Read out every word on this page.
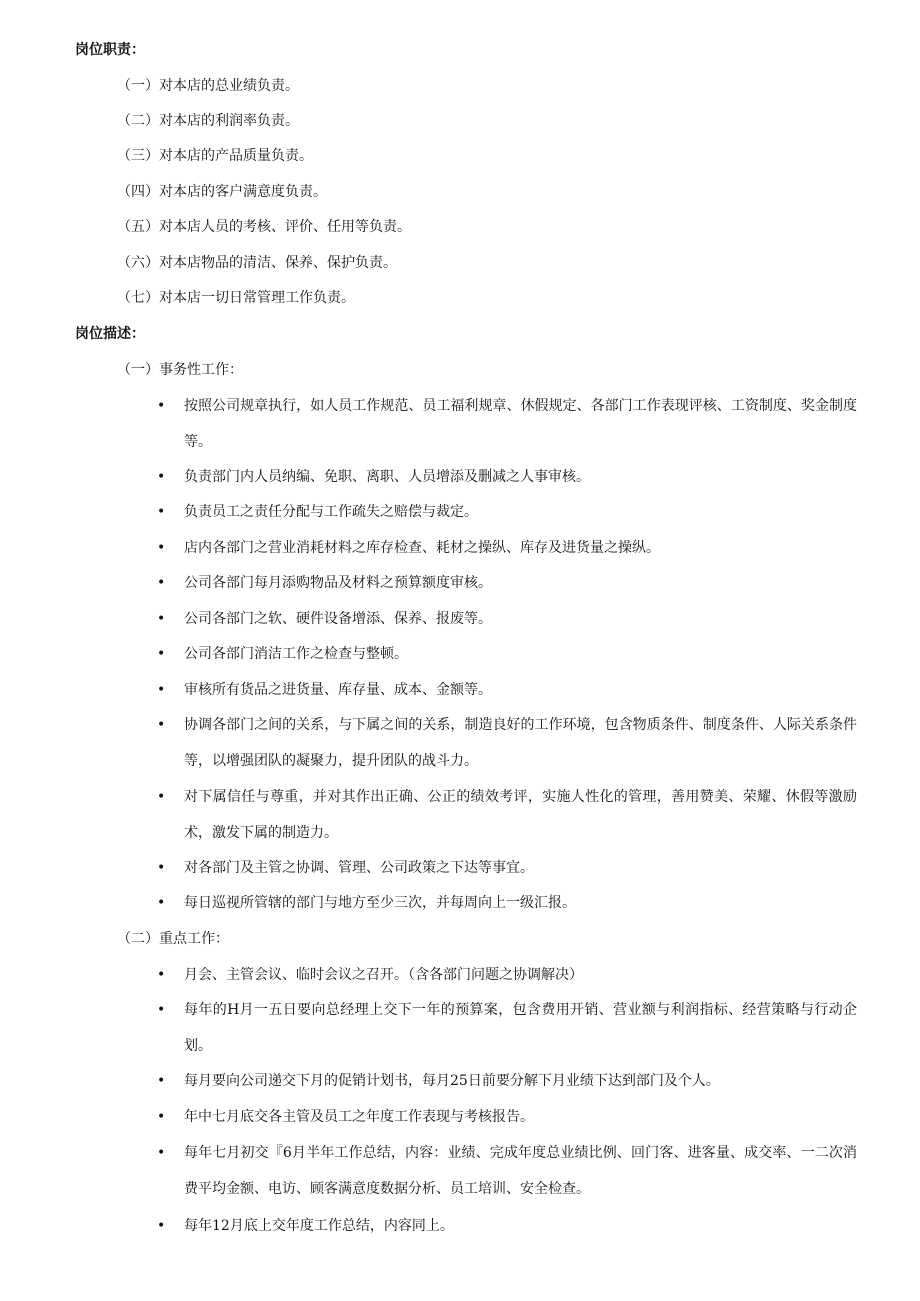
岗位职责：
（一）对本店的总业绩负责。
（二）对本店的利润率负责。
（三）对本店的产品质量负责。
（四）对本店的客户满意度负责。
（五）对本店人员的考核、评价、任用等负责。
（六）对本店物品的清洁、保养、保护负责。
（七）对本店一切日常管理工作负责。
岗位描述：
（一）事务性工作：
•	按照公司规章执行，如人员工作规范、员工福利规章、休假规定、各部门工作表现评核、工资制度、奖金制度等。
•	负责部门内人员纳编、免职、离职、人员增添及删减之人事审核。
•	负责员工之责任分配与工作疏失之赔偿与裁定。
•	店内各部门之营业消耗材料之库存检查、耗材之操纵、库存及进货量之操纵。
•	公司各部门每月添购物品及材料之预算额度审核。
•	公司各部门之软、硬件设备增添、保养、报废等。
•	公司各部门消洁工作之检查与整顿。
•	审核所有货品之进货量、库存量、成本、金额等。
•	协调各部门之间的关系，与下属之间的关系，制造良好的工作环境，包含物质条件、制度条件、人际关系条件等，以增强团队的凝聚力，提升团队的战斗力。
•	对下属信任与尊重，并对其作出正确、公正的绩效考评，实施人性化的管理，善用赞美、荣耀、休假等激励术，激发下属的制造力。
•	对各部门及主管之协调、管理、公司政策之下达等事宜。
•	每日巡视所管辖的部门与地方至少三次，并每周向上一级汇报。
（二）重点工作：
•	月会、主管会议、临时会议之召开。（含各部门问题之协调解决）
•	每年的H月一五日要向总经理上交下一年的预算案，包含费用开销、营业额与利润指标、经营策略与行动企划。
•	每月要向公司递交下月的促销计划书，每月25日前要分解下月业绩下达到部门及个人。
•	年中七月底交各主管及员工之年度工作表现与考核报告。
•	每年七月初交『6月半年工作总结，内容：业绩、完成年度总业绩比例、回门客、进客量、成交率、一二次消费平均金额、电访、顾客满意度数据分析、员工培训、安全检查。
•	每年12月底上交年度工作总结，内容同上。
